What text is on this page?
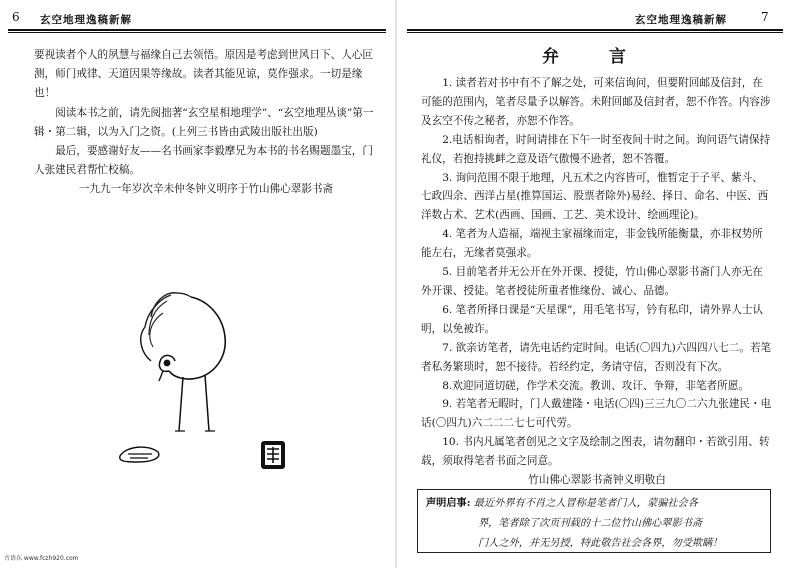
6 玄空地理逸稿新解

要视读者个人的夙慧与福缘自己去领悟。原因是考虑到世风日下、人心叵测，师门戒律、天道因果等缘故。读者其能见谅，莫作强求。一切是缘也！

阅读本书之前，请先阅拙著“玄空星相地理学”、“玄空地理丛谈”第一辑・第二辑，以为入门之资。(上列三书皆由武陵出版社出版)

最后，要感谢好友——名书画家李毅摩兄为本书的书名赐题墨宝，门人张建民君帮忙校稿。

一九九一年岁次辛未仲冬钟义明序于竹山佛心翠影书斋

古语东 www.fczh920.com
玄空地理逸稿新解	7
弁 言

1. 读者若对书中有不了解之处，可来信询问，但要附回邮及信封，在可能的范围内，笔者尽量予以解答。未附回邮及信封者，恕不作答。内容涉及玄空不传之秘者，亦恕不作答。

2.电话相询者，时间请排在下午一时至夜间十时之间。询问语气请保持礼仪，若抱持挑衅之意及语气傲慢不逊者，恕不答覆。

3. 询问范围不限于地理，凡五术之内容皆可，惟暂定于子平、紫斗、七政四余、西洋占星(推算国运、股票者除外)易经、择日、命名、中医、西洋数占术、艺术(西画、国画、工艺、美术设计、绘画理论)。

4. 笔者为人造福，端视主家福缘而定，非金钱所能衡量，亦非权势所能左右，无缘者莫强求。

5. 目前笔者并无公开在外开课、授徒，竹山佛心翠影书斋门人亦无在外开课、授徒。笔者授徒所重者惟缘份、诚心、品德。

6. 笔者所择日课是“天星课”，用毛笔书写，钤有私印，请外界人士认明，以免被诈。

7. 欲亲访笔者，请先电话约定时间。电话(〇四九)六四四八七二。若笔者私务繁琐时，恕不接待。若经约定，务请守信，否则没有下次。

8.欢迎同道切磋，作学术交流。教训、攻讦、争辩，非笔者所愿。

9. 若笔者无暇时，门人戴建隆・电话(〇四)三三九〇二六九张建民・电话(〇四九)六二二二七七可代劳。

10. 书内凡属笔者创见之文字及绘制之图表，请勿翻印・若欲引用、转载，须取得笔者书面之同意。

竹山佛心翠影书斋钟义明敬白

声明启事: 最近外界有不肖之人冒称是笔者门人，蒙骗社会各
界，笔者除了次页刊载的十二位竹山佛心翠影书斋
门人之外，并无另授，特此敬告社会各界，勿受欺瞒！
